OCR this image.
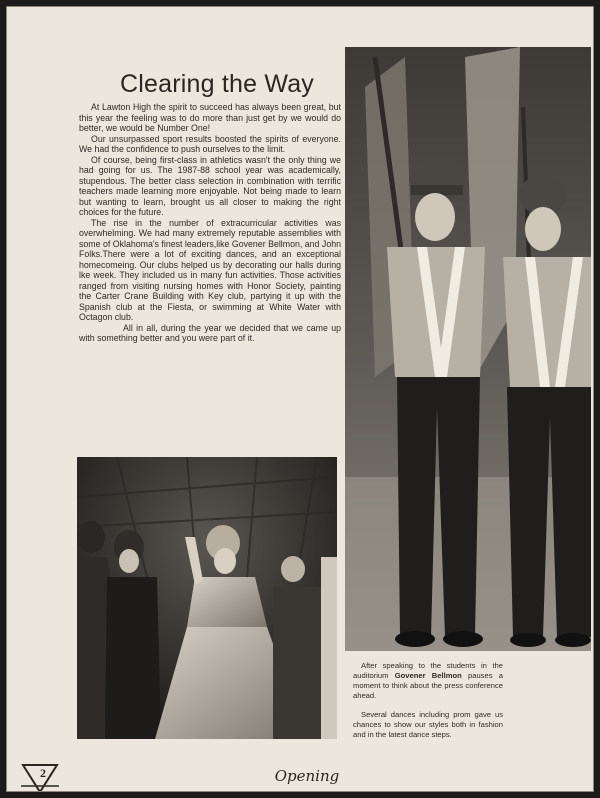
Clearing the Way

At Lawton High the spirit to succeed has always been great, but this year the feeling was to do more than just get by we would do better, we would be Number One!

Our unsurpassed sport results boosted the spirits of everyone. We had the confidence to push ourselves to the limit.

Of course, being first-class in athletics wasn't the only thing we had going for us. The 1987-88 school year was academically, stupendous. The better class selection in combination with terrific teachers made learning more enjoyable. Not being made to learn but wanting to learn, brought us all closer to making the right choices for the future.

The rise in the number of extracurricular activities was overwhelming. We had many extremely reputable assemblies with some of Oklahoma's finest leaders,like Govener Bellmon, and John Folks.There were a lot of exciting dances, and an exceptional homecomeing. Our clubs helped us by decorating our halls during lke week. They included us in many fun activities. Those activities ranged from visiting nursing homes with Honor Society, painting the Carter Crane Building with Key club, partying it up with the Spanish club at the Fiesta, or swimming at White Water with Octagon club.

All in all, during the year we decided that we came up with something better and you were part of it.

After speaking to the students in the auditorium Govener Bellmon pauses a moment to think about the press conference ahead.

Several dances including prom gave us chances to show our styles both in fashion and in the latest dance steps.

2	Opening
